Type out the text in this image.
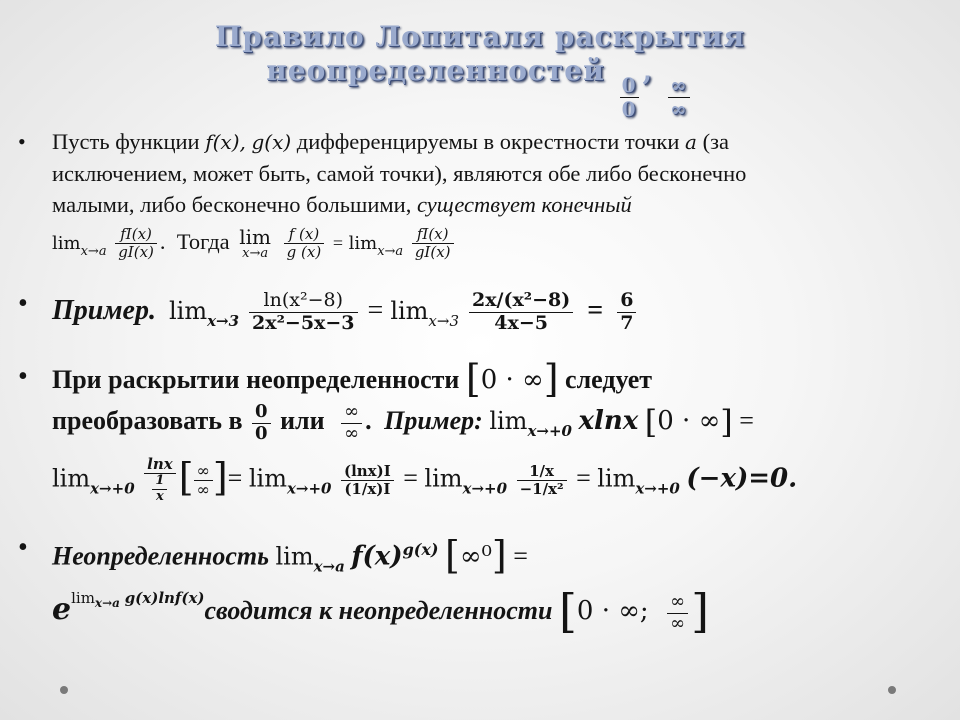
Правило Лопиталя раскрытия
неопределенностей
$\frac{0}{0}$
,
$\frac{\infty}{\infty}$
• Пусть функции f(x), g(x) дифференцируемы в окрестности точки a (за
исключением, может быть, самой точки), являются обе либо бесконечно
малыми, либо бесконечно большими, существует конечный
$\lim_{x\to a} \frac{fI(x)}{gI(x)}$ . Тогда lim
x→a
$\frac{f (x)}{g (x)} = \lim_{x\to a} \frac{fI(x)}{gI(x)}$
• Пример. $\lim_{x\to 3} \frac{\text{ln(x²−8)}}{\text{2x²−5x−3}} = \lim_{x\to 3} \frac{\text{2x/(x²−8)}}{4x-5} = \frac{6}{7}$
• При раскрытии неопределенности [0 · ∞] следует
преобразовать в $\frac{0}{0}$ или $\frac{\infty}{\infty}$ . Пример: $\lim_{x\to+0} xlnx$ [0 · ∞] =
$\lim_{x\to+0} \frac{\ln x}{\frac{1}{x}}$ [ $\frac{\infty}{\infty}$ ]= $\lim_{x\to+0} \frac{(\ln x)I}{(1/x)I} = \lim_{x\to+0} \frac{1/x}{\text{−1/x²}} = \lim_{x\to+0} (-x)=0$.
• Неопределенность $\lim_{x\to a} f(x)^{g(x)}$ [∞⁰] =
$e^{lim_{x\to a} g(x)lnf(x)}сводится$ к неопределенности [0 · ∞; $\frac{\infty}{\infty}$ ]
